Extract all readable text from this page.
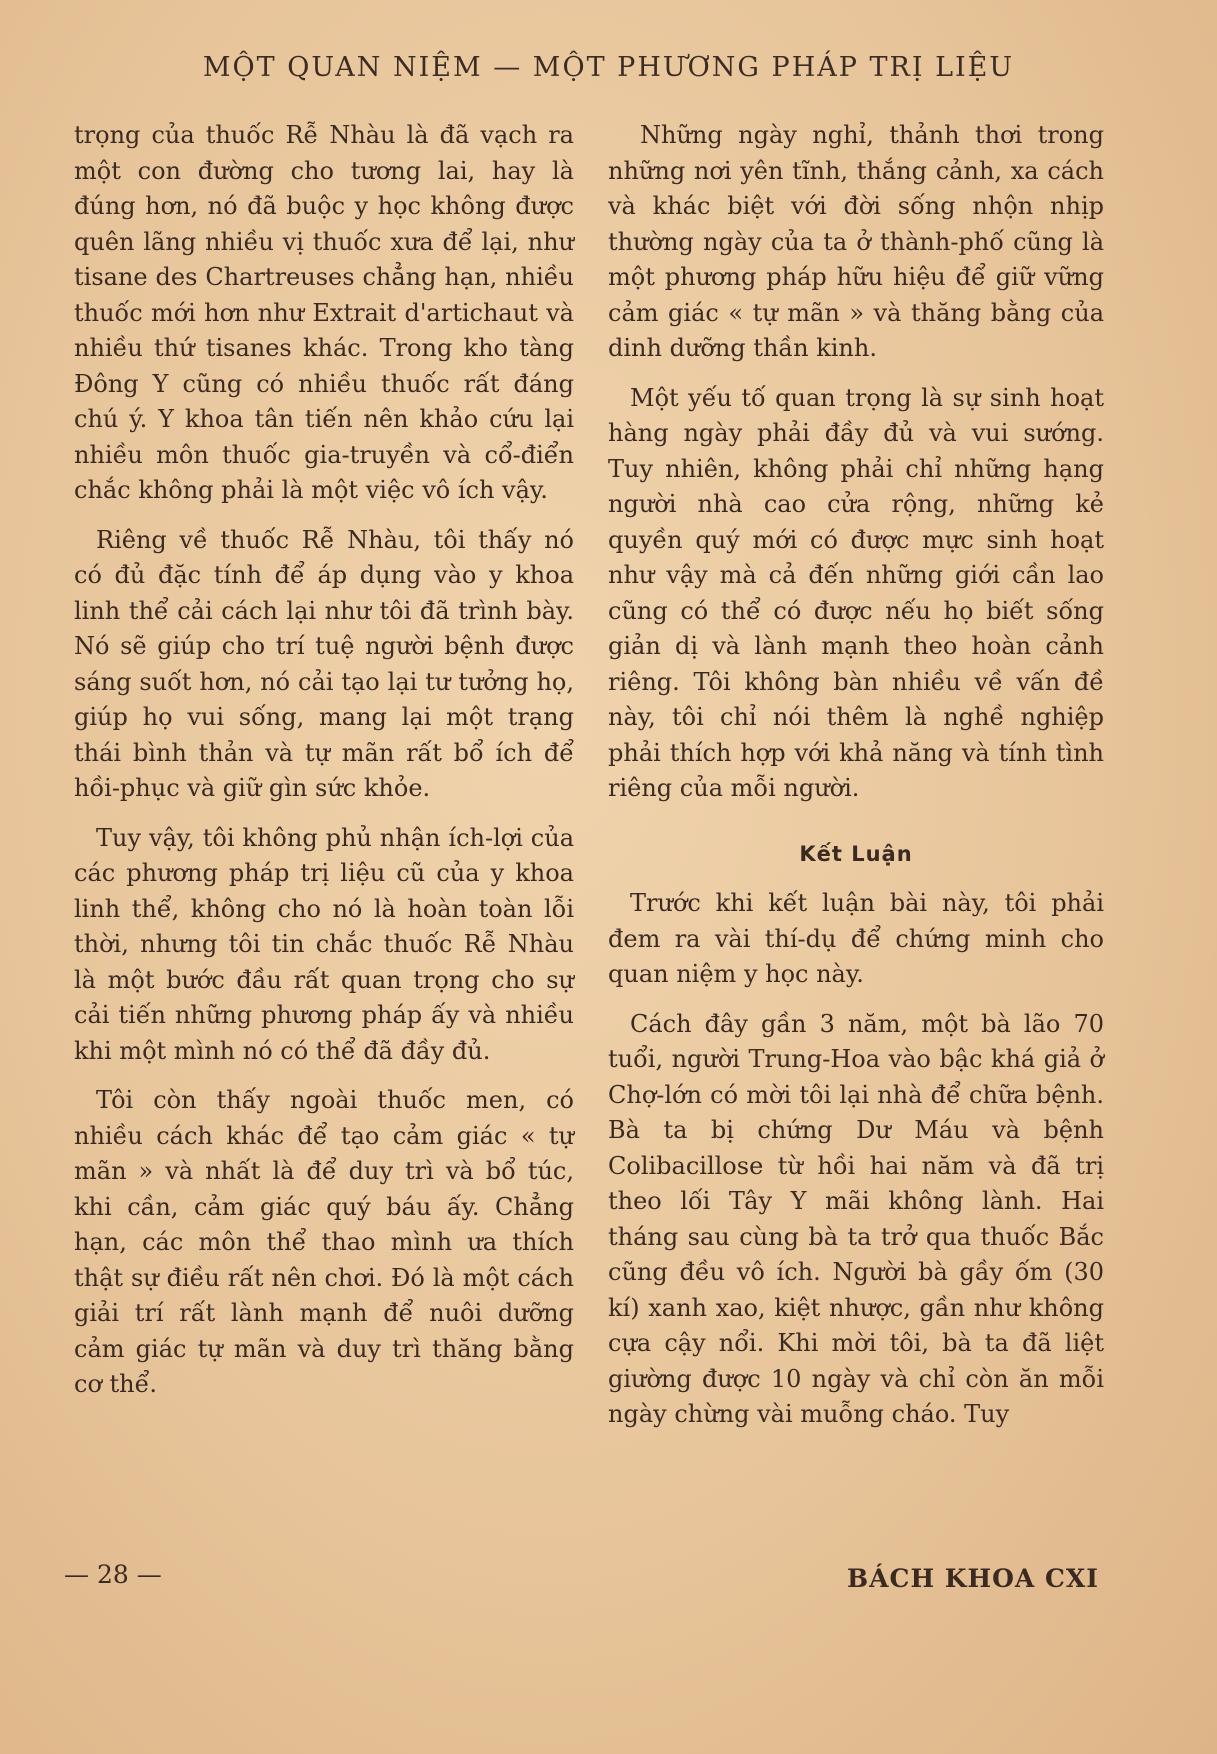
MỘT QUAN NIỆM — MỘT PHƯƠNG PHÁP TRỊ LIỆU

trọng của thuốc Rễ Nhàu là đã vạch ra một con đường cho tương lai, hay là đúng hơn, nó đã buộc y học không được quên lãng nhiều vị thuốc xưa để lại, như tisane des Chartreuses chẳng hạn, nhiều thuốc mới hơn như Extrait d'artichaut và nhiều thứ tisanes khác. Trong kho tàng Đông Y cũng có nhiều thuốc rất đáng chú ý. Y khoa tân tiến nên khảo cứu lại nhiều môn thuốc gia-truyền và cổ-điển chắc không phải là một việc vô ích vậy.

Riêng về thuốc Rễ Nhàu, tôi thấy nó có đủ đặc tính để áp dụng vào y khoa linh thể cải cách lại như tôi đã trình bày. Nó sẽ giúp cho trí tuệ người bệnh được sáng suốt hơn, nó cải tạo lại tư tưởng họ, giúp họ vui sống, mang lại một trạng thái bình thản và tự mãn rất bổ ích để hồi-phục và giữ gìn sức khỏe.

Tuy vậy, tôi không phủ nhận ích-lợi của các phương pháp trị liệu cũ của y khoa linh thể, không cho nó là hoàn toàn lỗi thời, nhưng tôi tin chắc thuốc Rễ Nhàu là một bước đầu rất quan trọng cho sự cải tiến những phương pháp ấy và nhiều khi một mình nó có thể đã đầy đủ.

Tôi còn thấy ngoài thuốc men, có nhiều cách khác để tạo cảm giác « tự mãn » và nhất là để duy trì và bổ túc, khi cần, cảm giác quý báu ấy. Chẳng hạn, các môn thể thao mình ưa thích thật sự điều rất nên chơi. Đó là một cách giải trí rất lành mạnh để nuôi dưỡng cảm giác tự mãn và duy trì thăng bằng cơ thể.

Những ngày nghỉ, thảnh thơi trong những nơi yên tĩnh, thắng cảnh, xa cách và khác biệt với đời sống nhộn nhịp thường ngày của ta ở thành-phố cũng là một phương pháp hữu hiệu để giữ vững cảm giác « tự mãn » và thăng bằng của dinh dưỡng thần kinh.

Một yếu tố quan trọng là sự sinh hoạt hàng ngày phải đầy đủ và vui sướng. Tuy nhiên, không phải chỉ những hạng người nhà cao cửa rộng, những kẻ quyền quý mới có được mực sinh hoạt như vậy mà cả đến những giới cần lao cũng có thể có được nếu họ biết sống giản dị và lành mạnh theo hoàn cảnh riêng. Tôi không bàn nhiều về vấn đề này, tôi chỉ nói thêm là nghề nghiệp phải thích hợp với khả năng và tính tình riêng của mỗi người.

Kết Luận

Trước khi kết luận bài này, tôi phải đem ra vài thí-dụ để chứng minh cho quan niệm y học này.

Cách đây gần 3 năm, một bà lão 70 tuổi, người Trung-Hoa vào bậc khá giả ở Chợ-lớn có mời tôi lại nhà để chữa bệnh. Bà ta bị chứng Dư Máu và bệnh Colibacillose từ hồi hai năm và đã trị theo lối Tây Y mãi không lành. Hai tháng sau cùng bà ta trở qua thuốc Bắc cũng đều vô ích. Người bà gầy ốm (30 kí) xanh xao, kiệt nhược, gần như không cựa cậy nổi. Khi mời tôi, bà ta đã liệt giường được 10 ngày và chỉ còn ăn mỗi ngày chừng vài muỗng cháo. Tuy

— 28 —	BÁCH KHOA CXI
